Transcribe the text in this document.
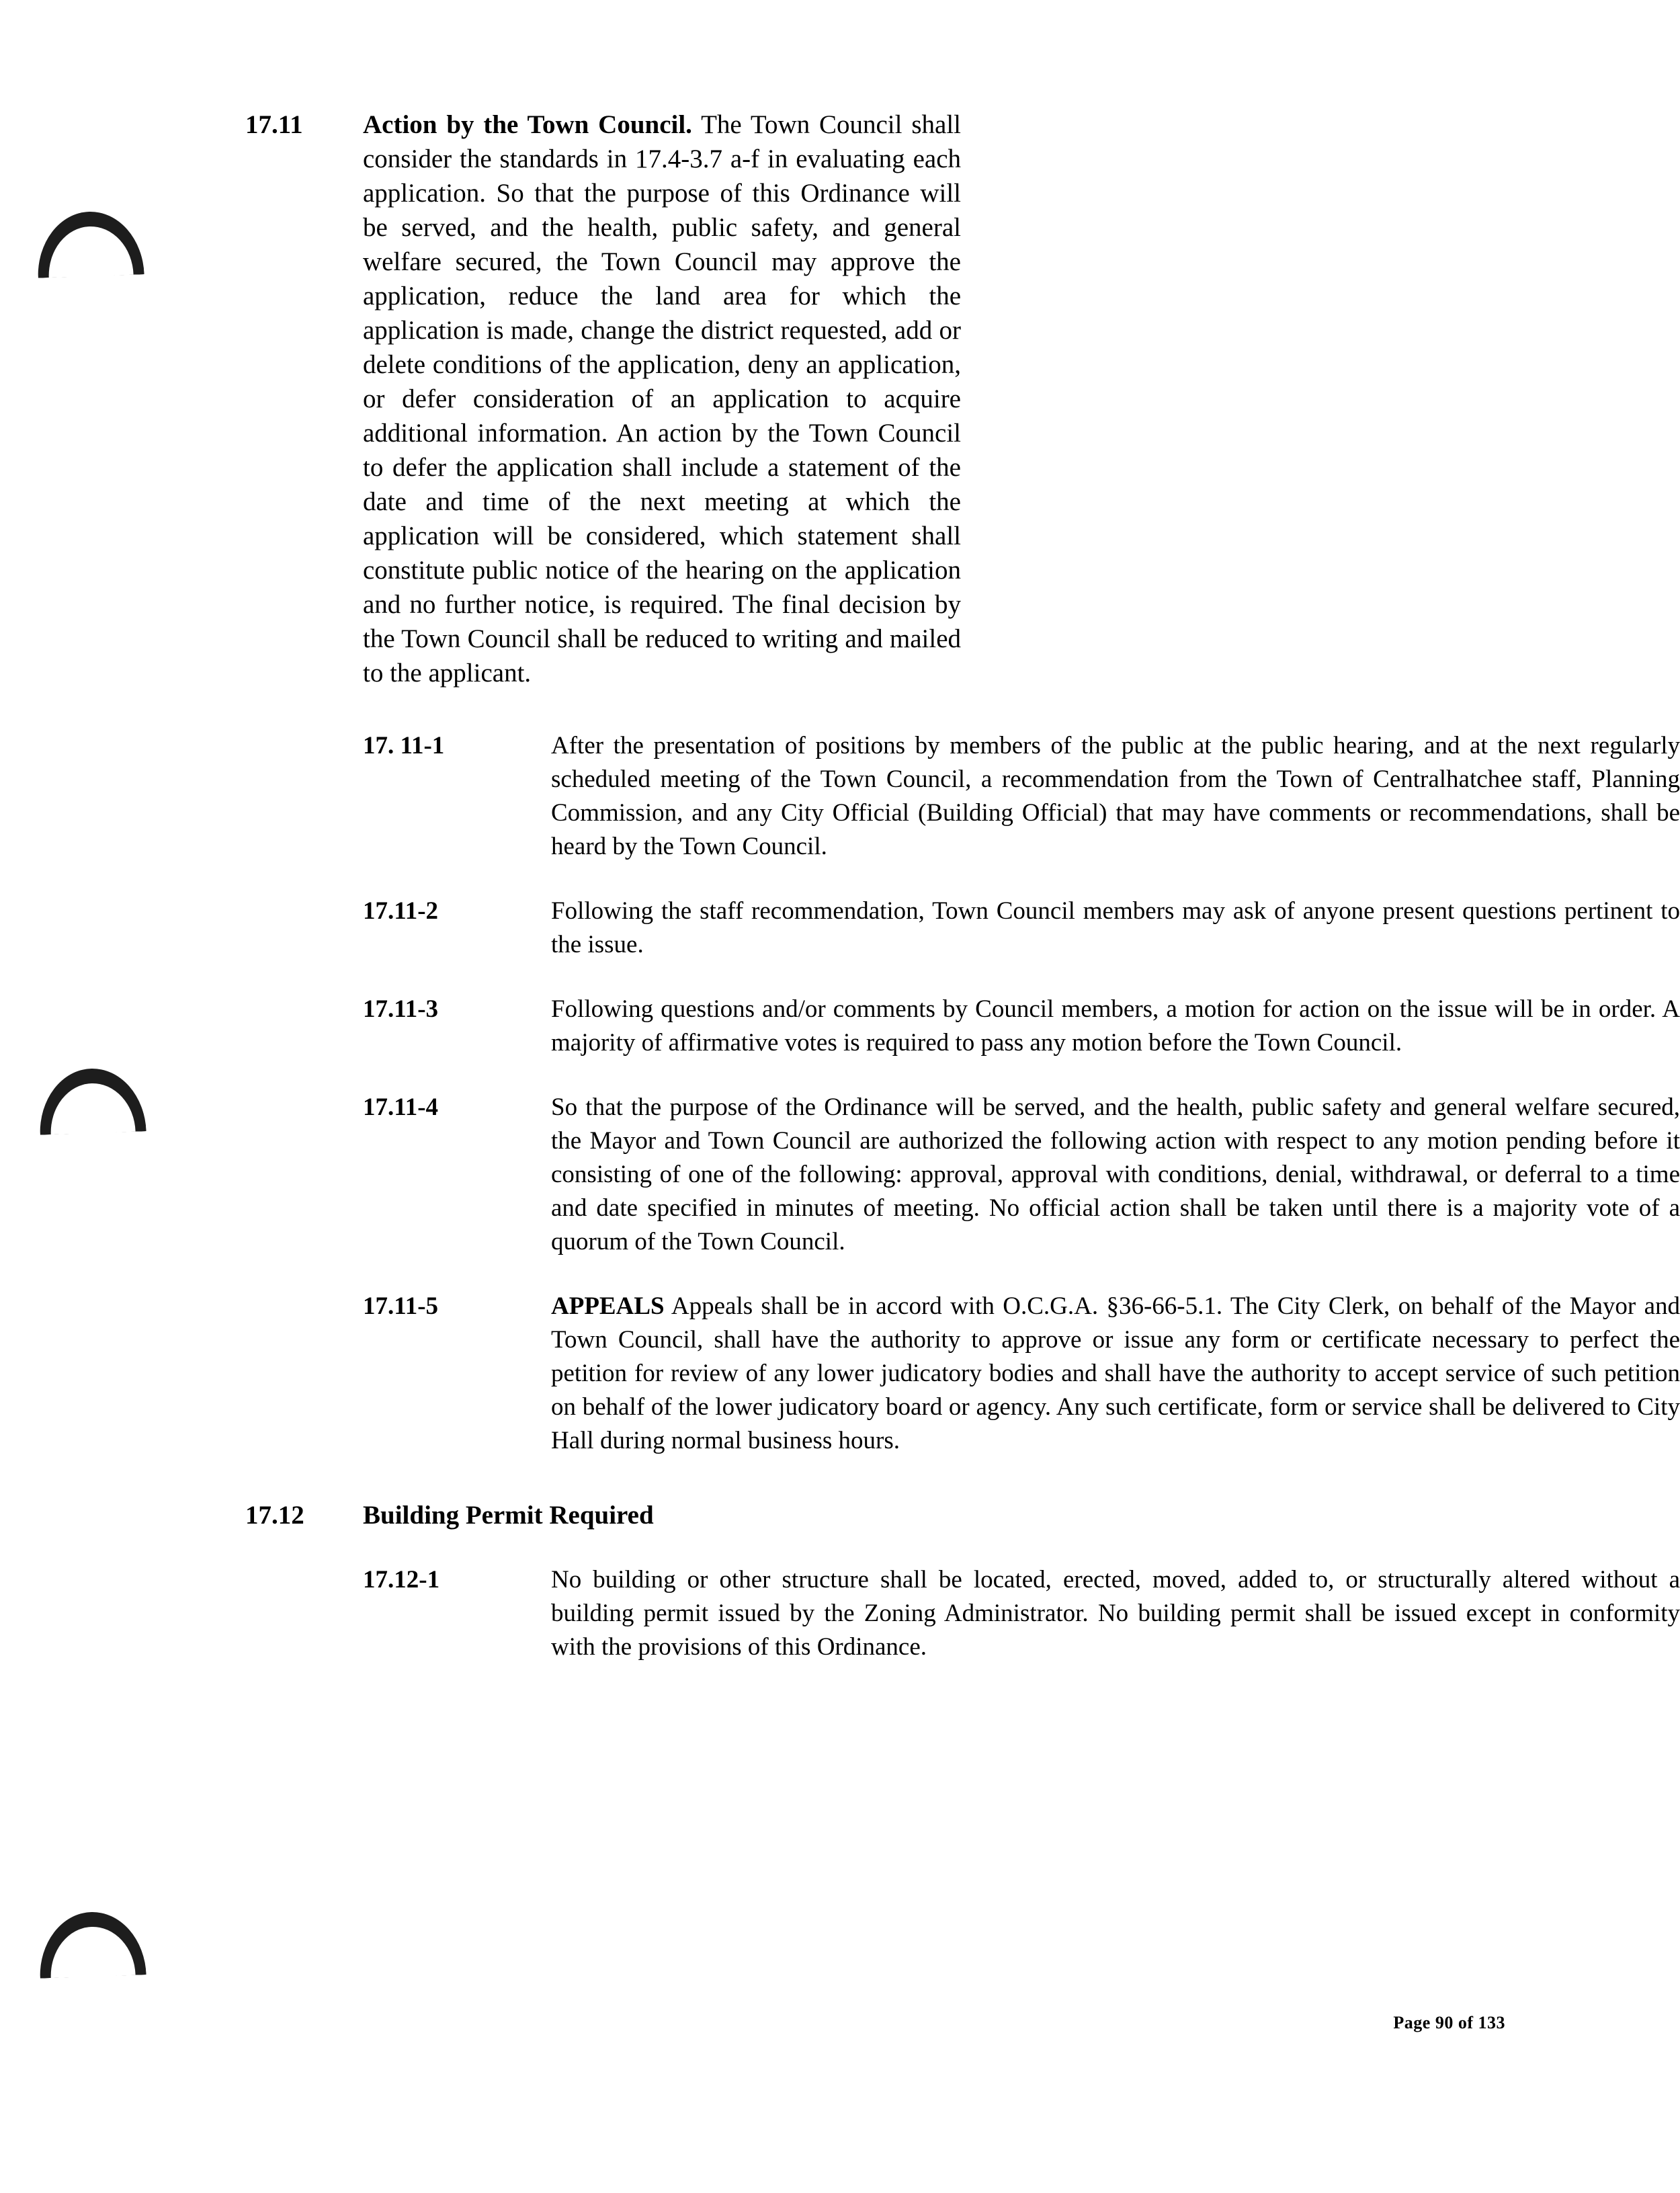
17.11	Action by the Town Council. The Town Council shall consider the standards in 17.4-3.7 a-f in evaluating each application. So that the purpose of this Ordinance will be served, and the health, public safety, and general welfare secured, the Town Council may approve the application, reduce the land area for which the application is made, change the district requested, add or delete conditions of the application, deny an application, or defer consideration of an application to acquire additional information. An action by the Town Council to defer the application shall include a statement of the date and time of the next meeting at which the application will be considered, which statement shall constitute public notice of the hearing on the application and no further notice, is required. The final decision by the Town Council shall be reduced to writing and mailed to the applicant.
17. 11-1	After the presentation of positions by members of the public at the public hearing, and at the next regularly scheduled meeting of the Town Council, a recommendation from the Town of Centralhatchee staff, Planning Commission, and any City Official (Building Official) that may have comments or recommendations, shall be heard by the Town Council.
17.11-2	Following the staff recommendation, Town Council members may ask of anyone present questions pertinent to the issue.
17.11-3	Following questions and/or comments by Council members, a motion for action on the issue will be in order. A majority of affirmative votes is required to pass any motion before the Town Council.
17.11-4	So that the purpose of the Ordinance will be served, and the health, public safety and general welfare secured, the Mayor and Town Council are authorized the following action with respect to any motion pending before it consisting of one of the following: approval, approval with conditions, denial, withdrawal, or deferral to a time and date specified in minutes of meeting. No official action shall be taken until there is a majority vote of a quorum of the Town Council.
17.11-5	APPEALS Appeals shall be in accord with O.C.G.A. §36-66-5.1. The City Clerk, on behalf of the Mayor and Town Council, shall have the authority to approve or issue any form or certificate necessary to perfect the petition for review of any lower judicatory bodies and shall have the authority to accept service of such petition on behalf of the lower judicatory board or agency. Any such certificate, form or service shall be delivered to City Hall during normal business hours.
17.12	Building Permit Required
17.12-1	No building or other structure shall be located, erected, moved, added to, or structurally altered without a building permit issued by the Zoning Administrator. No building permit shall be issued except in conformity with the provisions of this Ordinance.
Page 90 of 133
